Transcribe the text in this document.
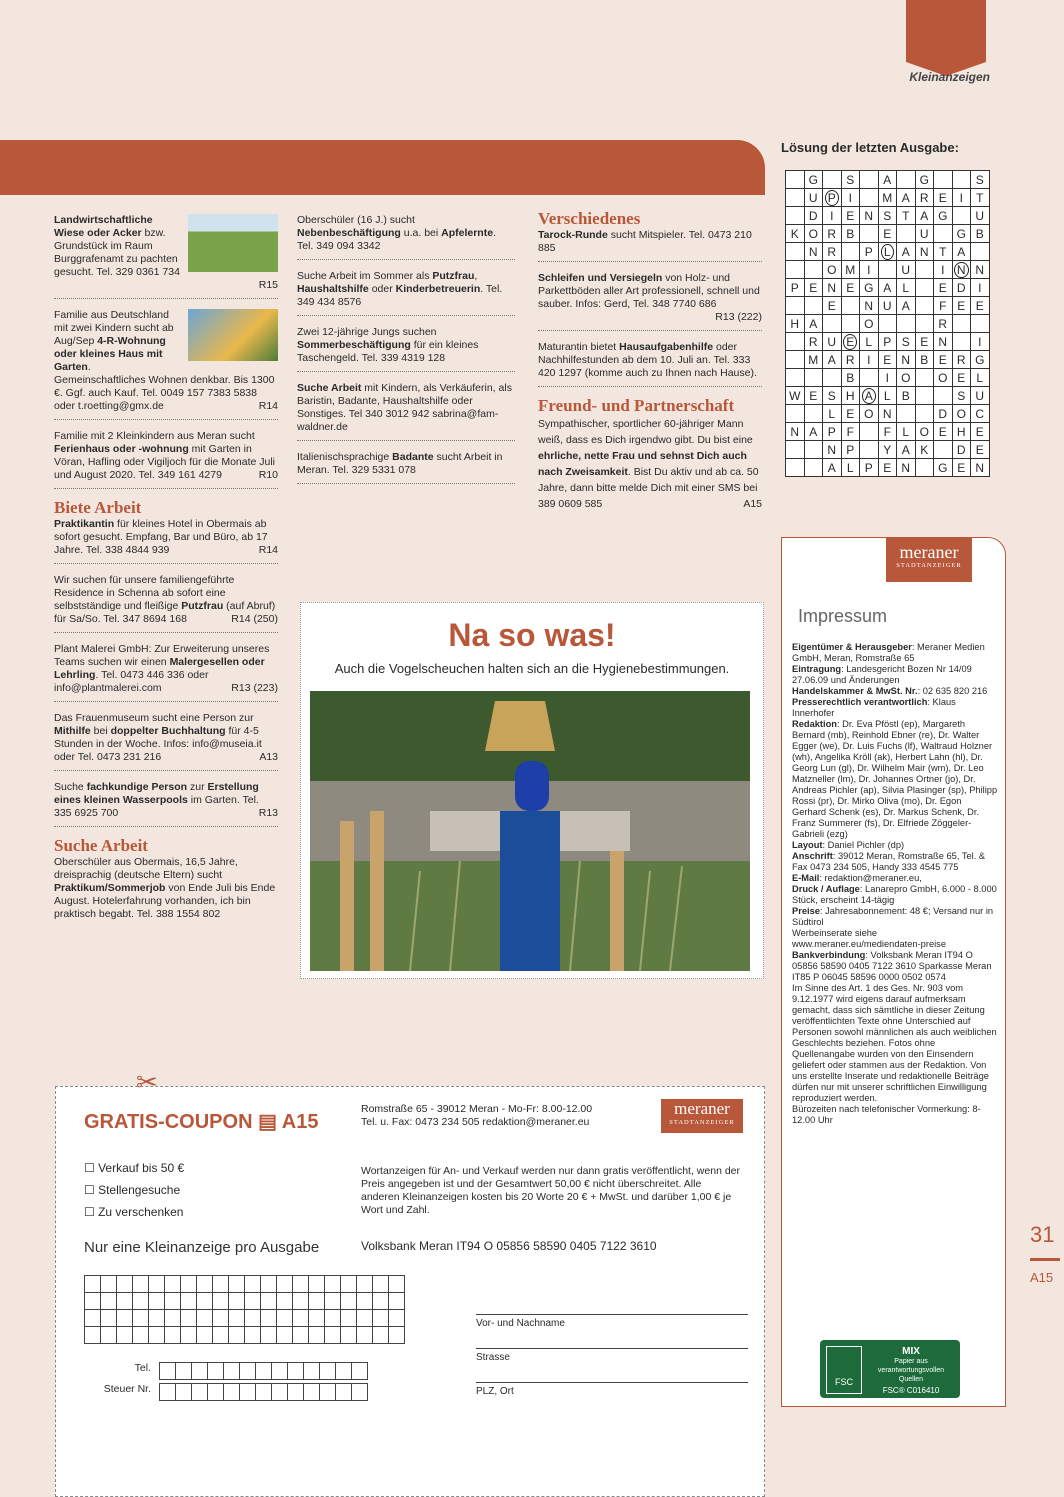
Kleinanzeigen

Landwirtschaftliche Wiese oder Acker bzw. Grundstück im Raum Burggrafenamt zu pachten gesucht. Tel. 329 0361 734
R15

Familie aus Deutschland mit zwei Kindern sucht ab Aug/Sep 4-R-Wohnung oder kleines Haus mit Garten. Gemeinschaftliches Wohnen denkbar. Bis 1300 €. Ggf. auch Kauf. Tel. 0049 157 7383 5838 oder t.roetting@gmx.de	R14

Familie mit 2 Kleinkindern aus Meran sucht Ferienhaus oder -wohnung mit Garten in Vöran, Hafling oder Vigiljoch für die Monate Juli und August 2020. Tel. 349 161 4279	R10

Biete Arbeit

Praktikantin für kleines Hotel in Obermais ab sofort gesucht. Empfang, Bar und Büro, ab 17 Jahre. Tel. 338 4844 939	R14

Wir suchen für unsere familiengeführte Residence in Schenna ab sofort eine selbstständige und fleißige Putzfrau (auf Abruf) für Sa/So. Tel. 347 8694 168	R14 (250)

Plant Malerei GmbH: Zur Erweiterung unseres Teams suchen wir einen Malergesellen oder Lehrling. Tel. 0473 446 336 oder info@plantmalerei.com	R13 (223)

Das Frauenmuseum sucht eine Person zur Mithilfe bei doppelter Buchhaltung für 4-5 Stunden in der Woche. Infos: info@museia.it oder Tel. 0473 231 216	A13

Suche fachkundige Person zur Erstellung eines kleinen Wasserpools im Garten. Tel. 335 6925 700	R13

Suche Arbeit

Oberschüler aus Obermais, 16,5 Jahre, dreisprachig (deutsche Eltern) sucht Praktikum/Sommerjob von Ende Juli bis Ende August. Hotelerfahrung vorhanden, ich bin praktisch begabt. Tel. 388 1554 802

Oberschüler (16 J.) sucht Nebenbeschäftigung u.a. bei Apfelernte. Tel. 349 094 3342

Suche Arbeit im Sommer als Putzfrau, Haushaltshilfe oder Kinderbetreuerin. Tel. 349 434 8576

Zwei 12-jährige Jungs suchen Sommerbeschäftigung für ein kleines Taschengeld. Tel. 339 4319 128

Suche Arbeit mit Kindern, als Verkäuferin, als Baristin, Badante, Haushaltshilfe oder Sonstiges. Tel 340 3012 942 sabrina@fam-waldner.de

Italienischsprachige Badante sucht Arbeit in Meran. Tel. 329 5331 078

Verschiedenes

Tarock-Runde sucht Mitspieler. Tel. 0473 210 885

Schleifen und Versiegeln von Holz- und Parkettböden aller Art professionell, schnell und sauber. Infos: Gerd, Tel. 348 7740 686
R13 (222)

Maturantin bietet Hausaufgabenhilfe oder Nachhilfestunden ab dem 10. Juli an. Tel. 333 420 1297 (komme auch zu Ihnen nach Hause).

Freund- und Partnerschaft

Sympathischer, sportlicher 60-jähriger Mann weiß, dass es Dich irgendwo gibt. Du bist eine ehrliche, nette Frau und sehnst Dich auch nach Zweisamkeit. Bist Du aktiv und ab ca. 50 Jahre, dann bitte melde Dich mit einer SMS bei 389 0609 585	A15

Na so was!
Auch die Vogelscheuchen halten sich an die Hygienebestimmungen.
✂
GRATIS-COUPON ▤ A15
Romstraße 65 - 39012 Meran - Mo-Fr: 8.00-12.00
Tel. u. Fax: 0473 234 505 redaktion@meraner.eu
meraner
STADTANZEIGER
☐ Verkauf bis 50 €
☐ Stellengesuche
☐ Zu verschenken
Wortanzeigen für An- und Verkauf werden nur dann gratis veröffentlicht, wenn der Preis angegeben ist und der Gesamtwert 50,00 € nicht überschreitet. Alle anderen Kleinanzeigen kosten bis 20 Worte 20 € + MwSt. und darüber 1,00 € je Wort und Zahl.
Nur eine Kleinanzeige pro Ausgabe	Volksbank Meran IT94 O 05856 58590 0405 7122 3610

Tel.

Steuer Nr.

Vor- und Nachname
Strasse
PLZ, Ort
Lösung der letzten Ausgabe:
	G		S		A		G			S
	U	P	I		M	A	R	E	I	T
	D	I	E	N	S	T	A	G		U
K	O	R	B		E		U		G	B
	N	R		P	L	A	N	T	A	
		O	M	I		U		I	N	N
P	E	N	E	G	A	L		E	D	I
		E		N	U	A		F	E	E
H	A			O				R		
	R	U	E	L	P	S	E	N		I
	M	A	R	I	E	N	B	E	R	G
			B		I	O		O	E	L
W	E	S	H	A	L	B			S	U
		L	E	O	N			D	O	C
N	A	P	F		F	L	O	E	H	E
		N	P		Y	A	K		D	E
		A	L	P	E	N		G	E	N
meraner
STADTANZEIGER
Impressum
Eigentümer & Herausgeber: Meraner Medien GmbH, Meran, Romstraße 65
Eintragung: Landesgericht Bozen Nr 14/09 27.06.09 und Änderungen
Handelskammer & MwSt. Nr.: 02 635 820 216
Presserechtlich verantwortlich: Klaus Innerhofer
Redaktion: Dr. Eva Pföstl (ep), Margareth Bernard (mb), Reinhold Ebner (re), Dr. Walter Egger (we), Dr. Luis Fuchs (lf), Waltraud Holzner (wh), Angelika Kröll (ak), Herbert Lahn (hl), Dr. Georg Lun (gl), Dr. Wilhelm Mair (wm), Dr. Leo Matzneller (lm), Dr. Johannes Ortner (jo), Dr. Andreas Pichler (ap), Silvia Plasinger (sp), Philipp Rossi (pr), Dr. Mirko Oliva (mo), Dr. Egon Gerhard Schenk (es), Dr. Markus Schenk, Dr. Franz Summerer (fs), Dr. Elfriede Zöggeler-Gabrieli (ezg)
Layout: Daniel Pichler (dp)
Anschrift: 39012 Meran, Romstraße 65, Tel. & Fax 0473 234 505, Handy 333 4545 775
E-Mail: redaktion@meraner.eu,
Druck / Auflage: Lanarepro GmbH, 6.000 - 8.000 Stück, erscheint 14-tägig
Preise: Jahresabonnement: 48 €; Versand nur in Südtirol
Werbeinserate siehe www.meraner.eu/mediendaten-preise
Bankverbindung: Volksbank Meran IT94 O 05856 58590 0405 7122 3610 Sparkasse Meran IT85 P 06045 58596 0000 0502 0574
Im Sinne des Art. 1 des Ges. Nr. 903 vom 9.12.1977 wird eigens darauf aufmerksam gemacht, dass sich sämtliche in dieser Zeitung veröffentlichten Texte ohne Unterschied auf Personen sowohl männlichen als auch weiblichen Geschlechts beziehen. Fotos ohne Quellenangabe wurden von den Einsendern geliefert oder stammen aus der Redaktion. Von uns erstellte Inserate und redaktionelle Beiträge dürfen nur mit unserer schriftlichen Einwilligung reproduziert werden.
Bürozeiten nach telefonischer Vormerkung: 8-12.00 Uhr
FSC
MIX
Papier aus verantwortungsvollen Quellen
FSC® C016410
31
A15
